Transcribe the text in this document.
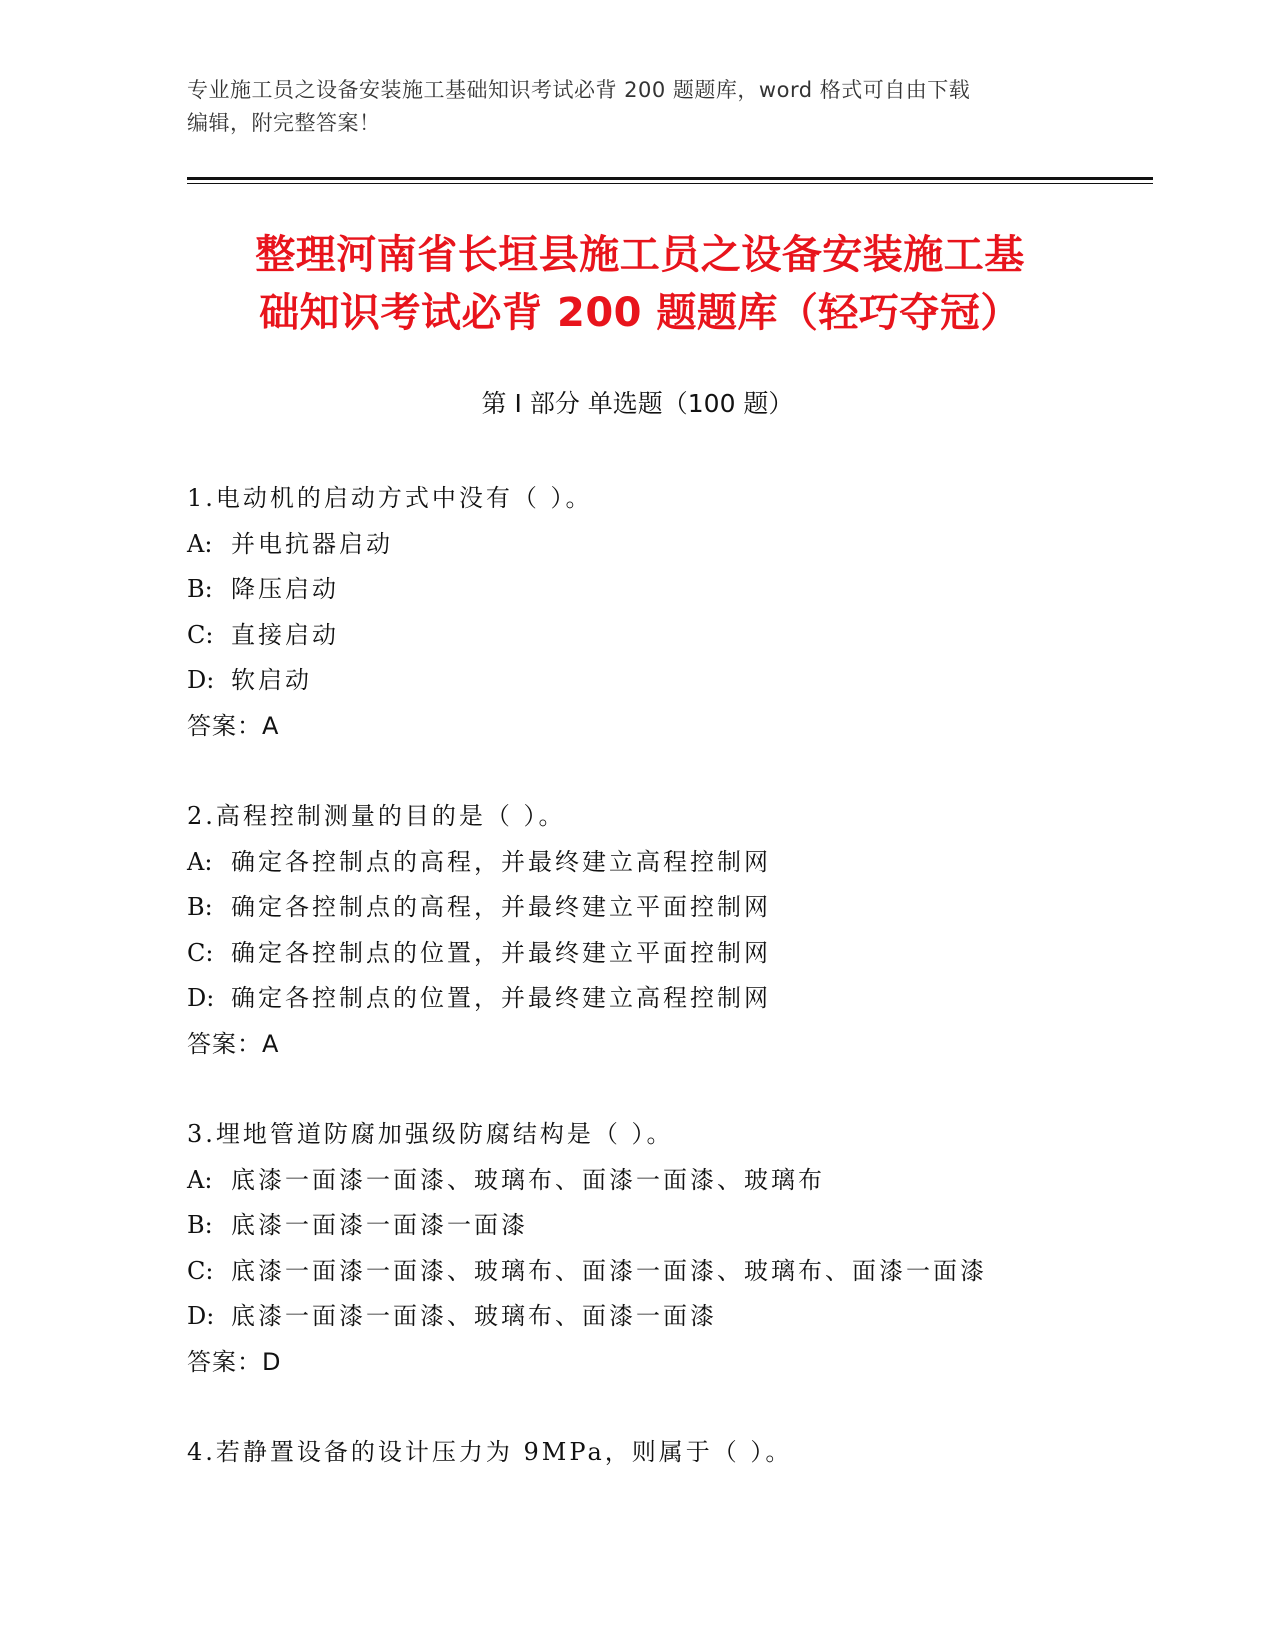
专业施工员之设备安装施工基础知识考试必背 200 题题库，word 格式可自由下载
编辑，附完整答案！
整理河南省长垣县施工员之设备安装施工基
础知识考试必背 200 题题库（轻巧夺冠）
第 I 部分 单选题（100 题）
1.电动机的启动方式中没有（ ）。
A: 并电抗器启动
B: 降压启动
C: 直接启动
D: 软启动
答案：A
2.高程控制测量的目的是（ ）。
A: 确定各控制点的高程，并最终建立高程控制网
B: 确定各控制点的高程，并最终建立平面控制网
C: 确定各控制点的位置，并最终建立平面控制网
D: 确定各控制点的位置，并最终建立高程控制网
答案：A
3.埋地管道防腐加强级防腐结构是（ ）。
A: 底漆一面漆一面漆、玻璃布、面漆一面漆、玻璃布
B: 底漆一面漆一面漆一面漆
C: 底漆一面漆一面漆、玻璃布、面漆一面漆、玻璃布、面漆一面漆
D: 底漆一面漆一面漆、玻璃布、面漆一面漆
答案：D
4.若静置设备的设计压力为 9MPa，则属于（ ）。
